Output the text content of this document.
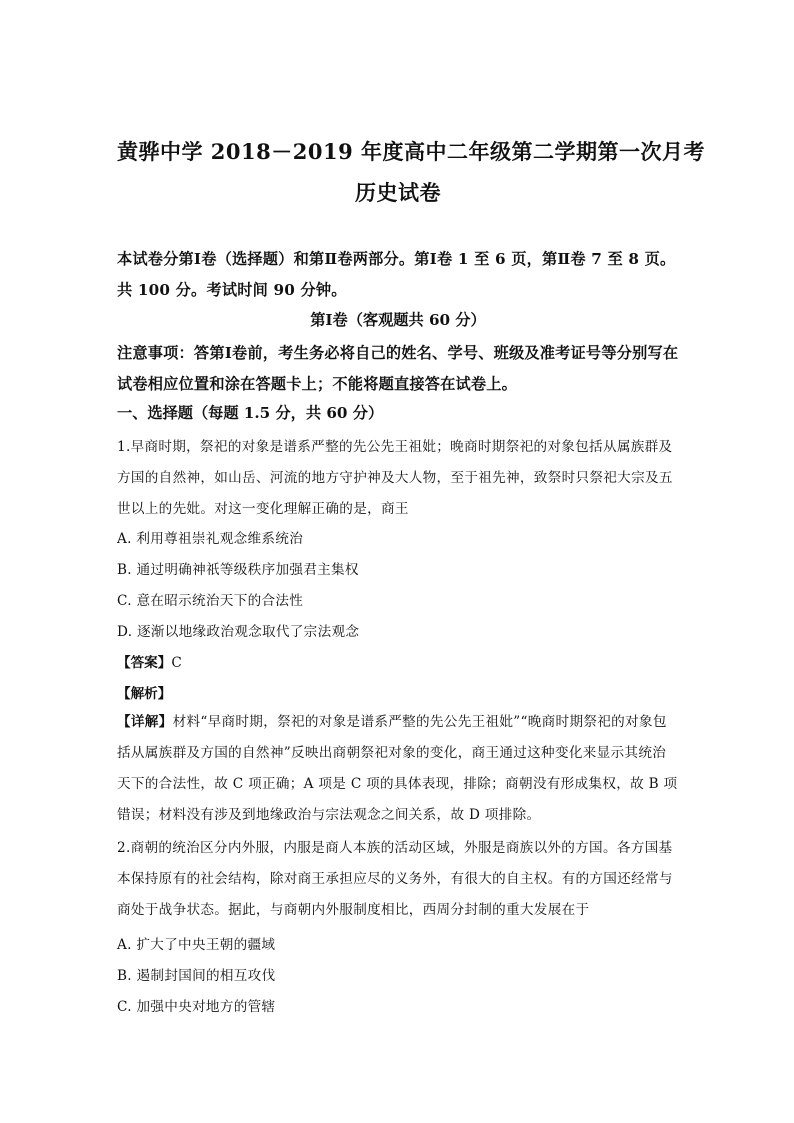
黄骅中学 2018－2019 年度高中二年级第二学期第一次月考
历史试卷
本试卷分第Ⅰ卷（选择题）和第Ⅱ卷两部分。第Ⅰ卷 1 至 6 页，第Ⅱ卷 7 至 8 页。共 100 分。考试时间 90 分钟。
第Ⅰ卷（客观题共 60 分）
注意事项：答第Ⅰ卷前，考生务必将自己的姓名、学号、班级及准考证号等分别写在试卷相应位置和涂在答题卡上；不能将题直接答在试卷上。
一、选择题（每题 1.5 分，共 60 分）
1.早商时期，祭祀的对象是谱系严整的先公先王祖妣；晚商时期祭祀的对象包括从属族群及方国的自然神，如山岳、河流的地方守护神及大人物，至于祖先神，致祭时只祭祀大宗及五世以上的先妣。对这一变化理解正确的是，商王
A. 利用尊祖崇礼观念维系统治
B. 通过明确神祇等级秩序加强君主集权
C. 意在昭示统治天下的合法性
D. 逐渐以地缘政治观念取代了宗法观念
【答案】C
【解析】
【详解】材料“早商时期，祭祀的对象是谱系严整的先公先王祖妣”“晚商时期祭祀的对象包括从属族群及方国的自然神”反映出商朝祭祀对象的变化，商王通过这种变化来显示其统治天下的合法性，故 C 项正确；A 项是 C 项的具体表现，排除；商朝没有形成集权，故 B 项错误；材料没有涉及到地缘政治与宗法观念之间关系，故 D 项排除。
2.商朝的统治区分内外服，内服是商人本族的活动区域，外服是商族以外的方国。各方国基本保持原有的社会结构，除对商王承担应尽的义务外，有很大的自主权。有的方国还经常与商处于战争状态。据此，与商朝内外服制度相比，西周分封制的重大发展在于
A. 扩大了中央王朝的疆域
B. 遏制封国间的相互攻伐
C. 加强中央对地方的管辖
